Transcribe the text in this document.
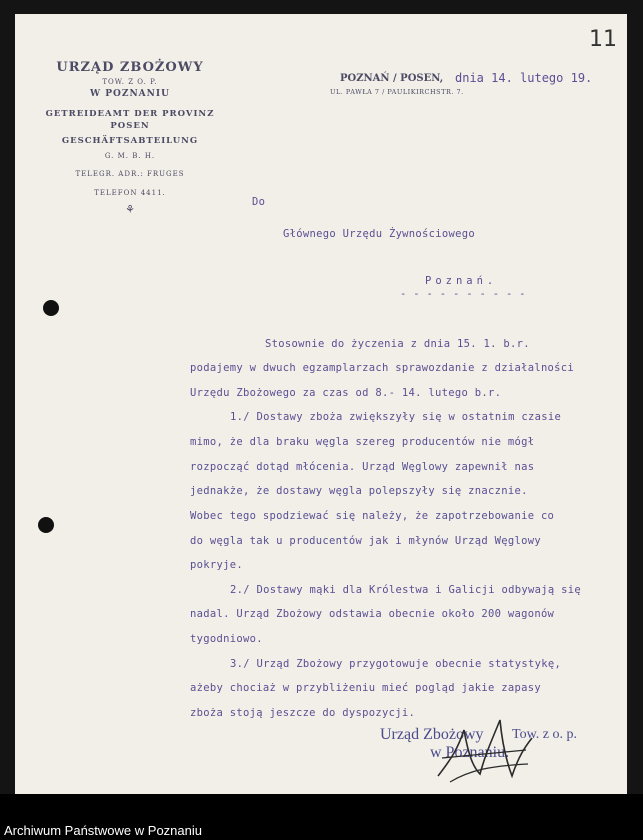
11
URZĄD ZBOŻOWY
TOW. Z O. P.
W POZNANIU
GETREIDEAMT DER PROVINZ
POSEN
GESCHÄFTSABTEILUNG
G. M. B. H.
TELEGR. ADR.: FRUGES
TELEFON 4411.
⚘
POZNAŃ / POSEN,
UL. PAWŁA 7 / PAULIKIRCHSTR. 7.
dnia 14. lutego 19.
Do
Głównego Urzędu Żywnościowego
Poznań.
- - - - - - - - - -
Stosownie do życzenia z dnia 15. 1. b.r.
podajemy w dwuch egzamplarzach sprawozdanie z działalności
Urzędu Zbożowego za czas od 8.- 14. lutego b.r.
1./ Dostawy zboża zwiększyły się w ostatnim czasie
mimo, że dla braku węgla szereg producentów nie mógł
rozpocząć dotąd młócenia. Urząd Węglowy zapewnił nas
jednakże, że dostawy węgla polepszyły się znacznie.
Wobec tego spodziewać się należy, że zapotrzebowanie co
do węgla tak u producentów jak i młynów Urząd Węglowy
pokryje.
2./ Dostawy mąki dla Królestwa i Galicji odbywają się
nadal. Urząd Zbożowy odstawia obecnie około 200 wagonów
tygodniowo.
3./ Urząd Zbożowy przygotowuje obecnie statystykę,
ażeby chociaż w przybliżeniu mieć pogląd jakie zapasy
zboża stoją jeszcze do dyspozycji.
Urząd Zbożowy Tow. z o. p.
w Poznaniu.
Archiwum Państwowe w Poznaniu
